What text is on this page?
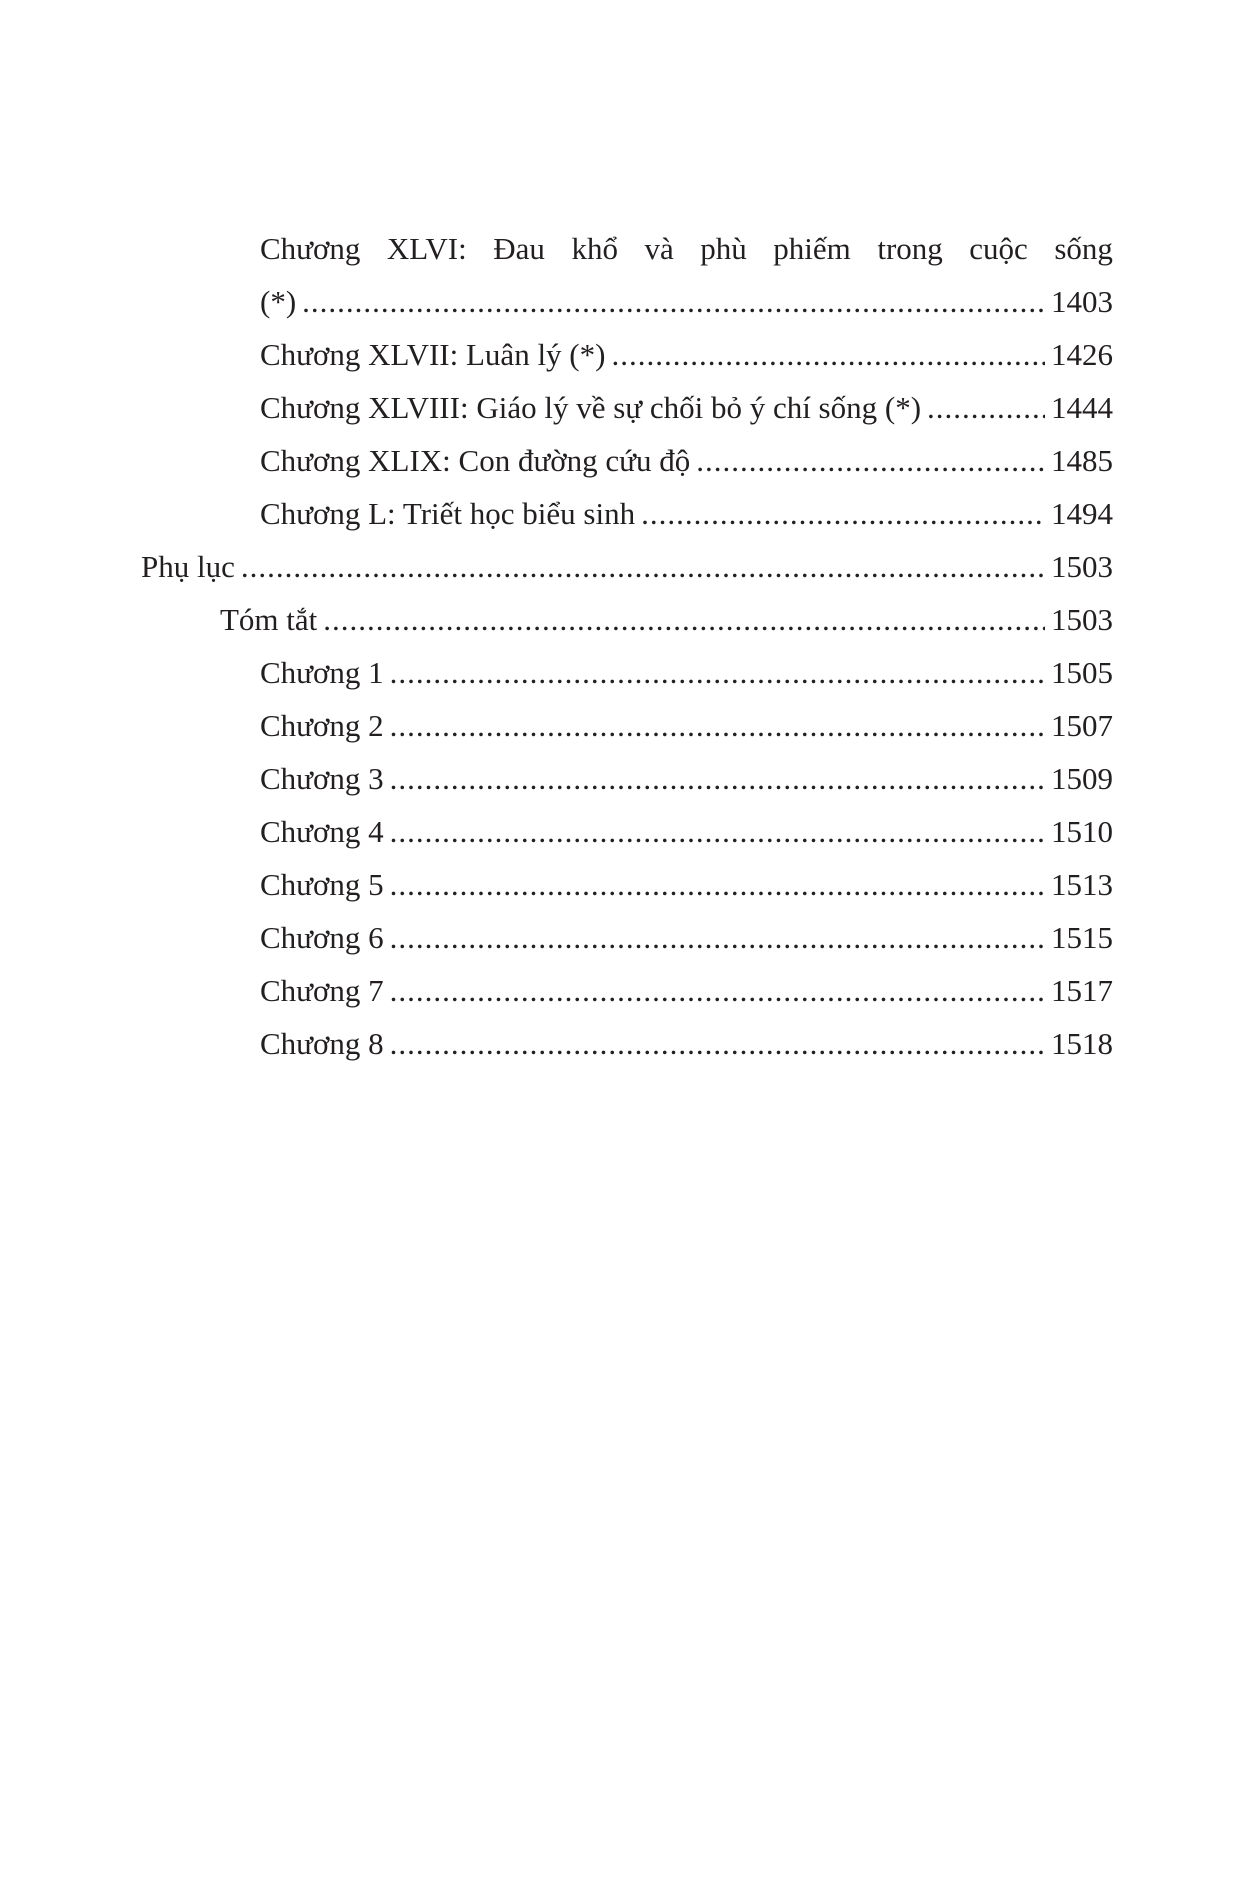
Chương XLVI: Đau khổ và phù phiếm trong cuộc sống
(*) .....	1403
Chương XLVII: Luân lý (*) .....	1426
Chương XLVIII: Giáo lý về sự chối bỏ ý chí sống (*) .....	1444
Chương XLIX: Con đường cứu độ .....	1485
Chương L: Triết học biểu sinh .....	1494
Phụ lục .....	1503
Tóm tắt .....	1503
Chương 1 .....	1505
Chương 2 .....	1507
Chương 3 .....	1509
Chương 4 .....	1510
Chương 5 .....	1513
Chương 6 .....	1515
Chương 7 .....	1517
Chương 8 .....	1518
